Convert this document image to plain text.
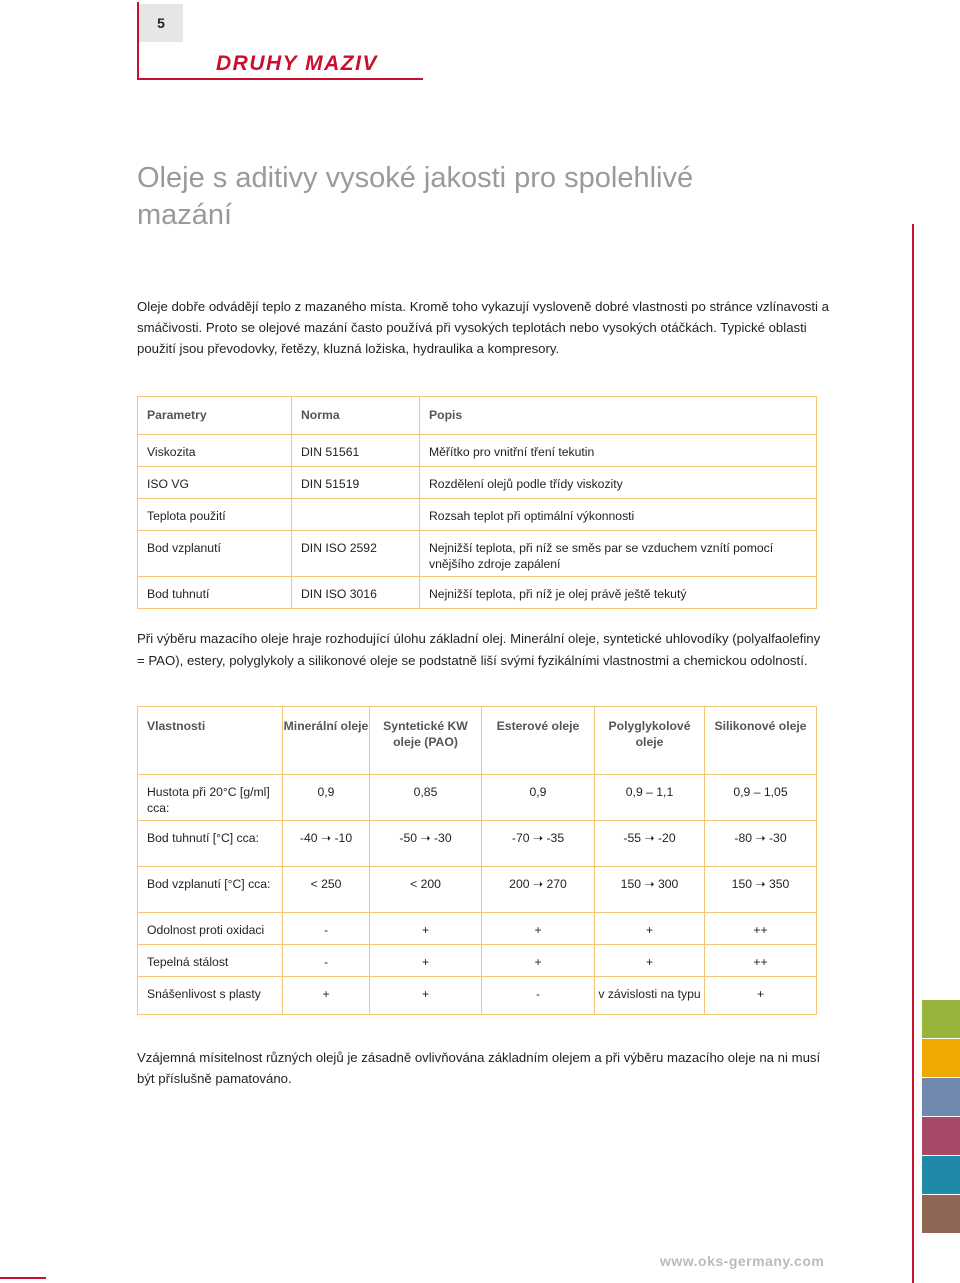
5
DRUHY MAZIV
Oleje s aditivy vysoké jakosti pro spolehlivé mazání

Oleje dobře odvádějí teplo z mazaného místa. Kromě toho vykazují vysloveně dobré vlastnosti po stránce vzlínavosti a smáčivosti. Proto se olejové mazání často používá při vysokých teplotách nebo vysokých otáčkách. Typické oblasti použití jsou převodovky, řetězy, kluzná ložiska, hydraulika a kompresory.

Parametry	Norma	Popis
Viskozita	DIN 51561	Měřítko pro vnitřní tření tekutin
ISO VG	DIN 51519	Rozdělení olejů podle třídy viskozity
Teplota použití		Rozsah teplot při optimální výkonnosti
Bod vzplanutí	DIN ISO 2592	Nejnižší teplota, při níž se směs par se vzduchem vznítí pomocí vnějšího zdroje zapálení
Bod tuhnutí	DIN ISO 3016	Nejnižší teplota, při níž je olej právě ještě tekutý

Při výběru mazacího oleje hraje rozhodující úlohu základní olej. Minerální oleje, syntetické uhlovodíky (polyalfaolefiny = PAO), estery, polyglykoly a silikonové oleje se podstatně liší svými fyzikálními vlastnostmi a chemickou odolností.

Vlastnosti	Minerální oleje	Syntetické KW oleje (PAO)	Esterové oleje	Polyglykolové oleje	Silikonové oleje
Hustota při 20°C [g/ml] cca:	0,9	0,85	0,9	0,9 – 1,1	0,9 – 1,05
Bod tuhnutí [°C] cca:	-40 ➝ -10	-50 ➝ -30	-70 ➝ -35	-55 ➝ -20	-80 ➝ -30
Bod vzplanutí [°C] cca:	< 250	< 200	200 ➝ 270	150 ➝ 300	150 ➝ 350
Odolnost proti oxidaci	-	+	+	+	++
Tepelná stálost	-	+	+	+	++
Snášenlivost s plasty	+	+	-	v závislosti na typu	+

Vzájemná mísitelnost různých olejů je zásadně ovlivňována základním olejem a při výběru mazacího oleje na ni musí být příslušně pamatováno.

www.oks-germany.com
